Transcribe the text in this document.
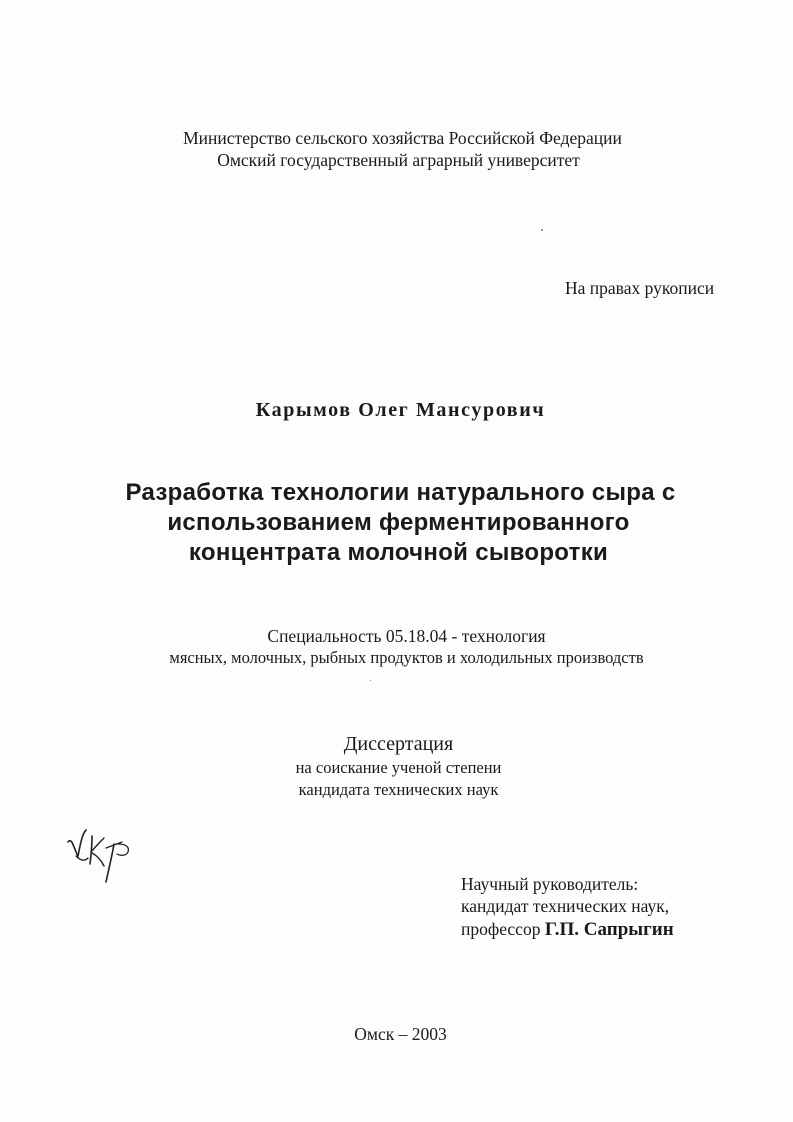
Министерство сельского хозяйства Российской Федерации
Омский государственный аграрный университет
На правах рукописи
Карымов Олег Мансурович
Разработка технологии натурального сыра с
использованием ферментированного
концентрата молочной сыворотки
Специальность 05.18.04 - технология
мясных, молочных, рыбных продуктов и холодильных производств
Диссертация
на соискание ученой степени
кандидата технических наук
Научный руководитель:
кандидат технических наук,
профессор Г.П. Сапрыгин
Омск – 2003
